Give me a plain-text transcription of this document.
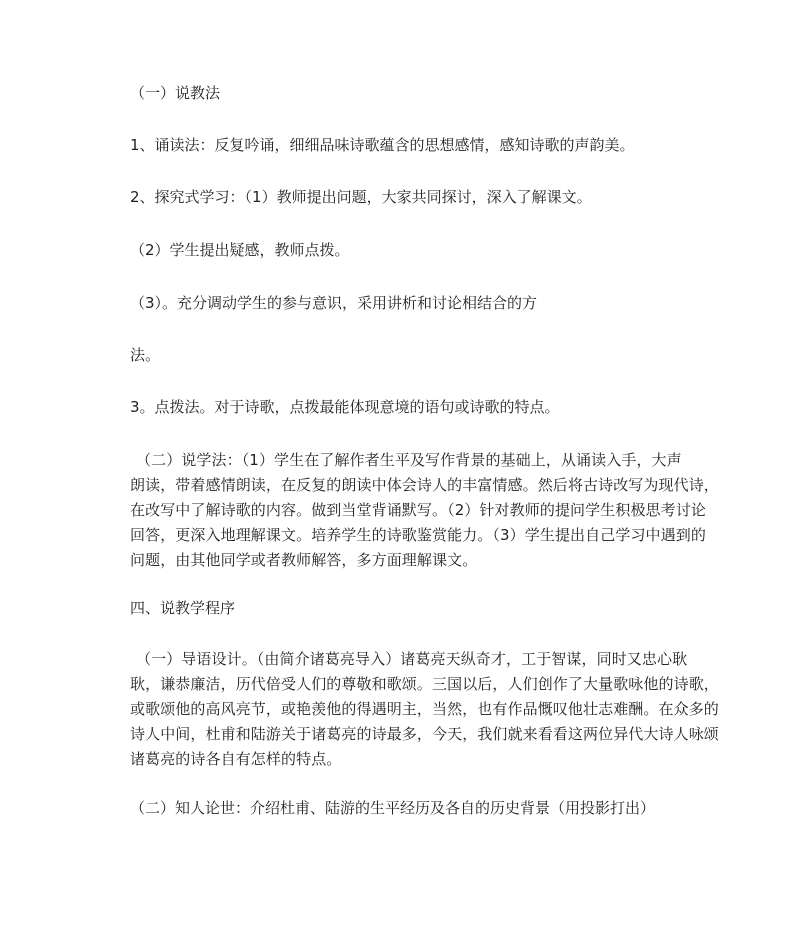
（一）说教法
1、诵读法：反复吟诵，细细品味诗歌蕴含的思想感情，感知诗歌的声韵美。
2、探究式学习：（1）教师提出问题，大家共同探讨，深入了解课文。
（2）学生提出疑感，教师点拨。
（3）。充分调动学生的参与意识，采用讲析和讨论相结合的方
法。
3。点拨法。对于诗歌，点拨最能体现意境的语句或诗歌的特点。
（二）说学法：（1）学生在了解作者生平及写作背景的基础上，从诵读入手，大声
朗读，带着感情朗读，在反复的朗读中体会诗人的丰富情感。然后将古诗改写为现代诗，
在改写中了解诗歌的内容。做到当堂背诵默写。（2）针对教师的提问学生积极思考讨论
回答，更深入地理解课文。培养学生的诗歌鉴赏能力。（3）学生提出自己学习中遇到的
问题，由其他同学或者教师解答，多方面理解课文。
四、说教学程序
（一）导语设计。（由简介诸葛亮导入）诸葛亮天纵奇才，工于智谋，同时又忠心耿
耿，谦恭廉洁，历代倍受人们的尊敬和歌颂。三国以后，人们创作了大量歌咏他的诗歌，
或歌颂他的高风亮节，或艳羡他的得遇明主，当然，也有作品慨叹他壮志难酬。在众多的
诗人中间，杜甫和陆游关于诸葛亮的诗最多，今天，我们就来看看这两位异代大诗人咏颂
诸葛亮的诗各自有怎样的特点。
（二）知人论世：介绍杜甫、陆游的生平经历及各自的历史背景（用投影打出）
